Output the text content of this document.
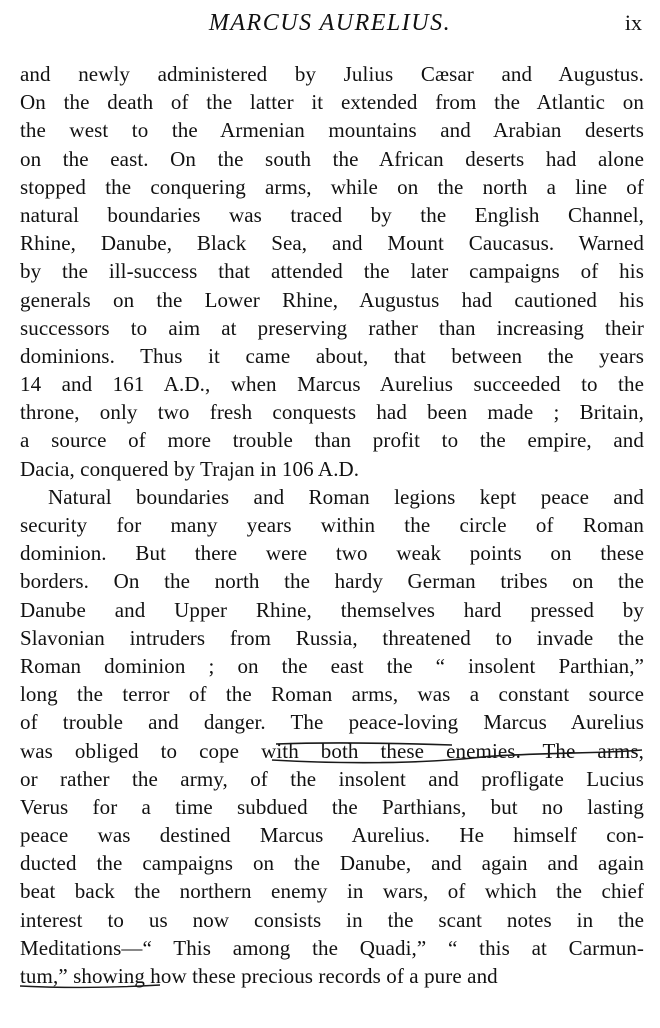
MARCUS AURELIUS.	ix
and newly administered by Julius Cæsar and Augustus.
On the death of the latter it extended from the Atlantic on
the west to the Armenian mountains and Arabian deserts
on the east. On the south the African deserts had alone
stopped the conquering arms, while on the north a line of
natural boundaries was traced by the English Channel,
Rhine, Danube, Black Sea, and Mount Caucasus. Warned
by the ill-success that attended the later campaigns of his
generals on the Lower Rhine, Augustus had cautioned his
successors to aim at preserving rather than increasing their
dominions. Thus it came about, that between the years
14 and 161 A.D., when Marcus Aurelius succeeded to the
throne, only two fresh conquests had been made ; Britain,
a source of more trouble than profit to the empire, and
Dacia, conquered by Trajan in 106 A.D.
Natural boundaries and Roman legions kept peace and
security for many years within the circle of Roman
dominion. But there were two weak points on these
borders. On the north the hardy German tribes on the
Danube and Upper Rhine, themselves hard pressed by
Slavonian intruders from Russia, threatened to invade the
Roman dominion ; on the east the “ insolent Parthian,”
long the terror of the Roman arms, was a constant source
of trouble and danger. The peace-loving Marcus Aurelius
was obliged to cope with both these enemies. The arms,
or rather the army, of the insolent and profligate Lucius
Verus for a time subdued the Parthians, but no lasting
peace was destined Marcus Aurelius. He himself con-
ducted the campaigns on the Danube, and again and again
beat back the northern enemy in wars, of which the chief
interest to us now consists in the scant notes in the
Meditations—“ This among the Quadi,” “ this at Carmun-
tum,” showing how these precious records of a pure and
